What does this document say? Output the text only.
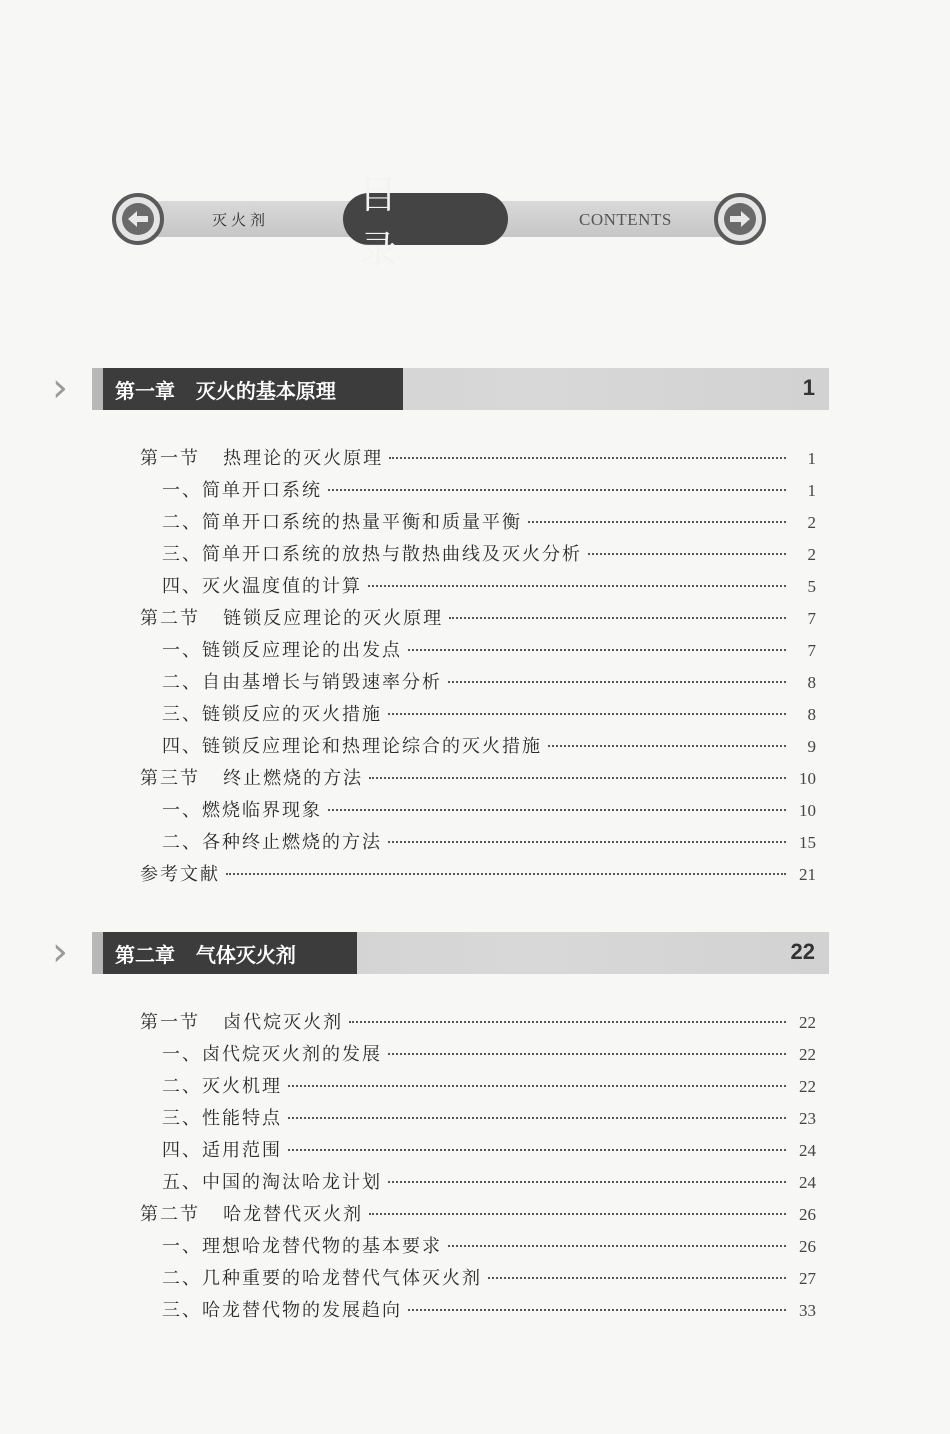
灭火剂
目 录
CONTENTS
›	第一章   灭火的基本原理	1
第一节   热理论的灭火原理	1
一、简单开口系统	1
二、简单开口系统的热量平衡和质量平衡	2
三、简单开口系统的放热与散热曲线及灭火分析	2
四、灭火温度值的计算	5
第二节   链锁反应理论的灭火原理	7
一、链锁反应理论的出发点	7
二、自由基增长与销毁速率分析	8
三、链锁反应的灭火措施	8
四、链锁反应理论和热理论综合的灭火措施	9
第三节   终止燃烧的方法	10
一、燃烧临界现象	10
二、各种终止燃烧的方法	15
参考文献	21
›	第二章   气体灭火剂	22
第一节   卤代烷灭火剂	22
一、卤代烷灭火剂的发展	22
二、灭火机理	22
三、性能特点	23
四、适用范围	24
五、中国的淘汰哈龙计划	24
第二节   哈龙替代灭火剂	26
一、理想哈龙替代物的基本要求	26
二、几种重要的哈龙替代气体灭火剂	27
三、哈龙替代物的发展趋向	33
